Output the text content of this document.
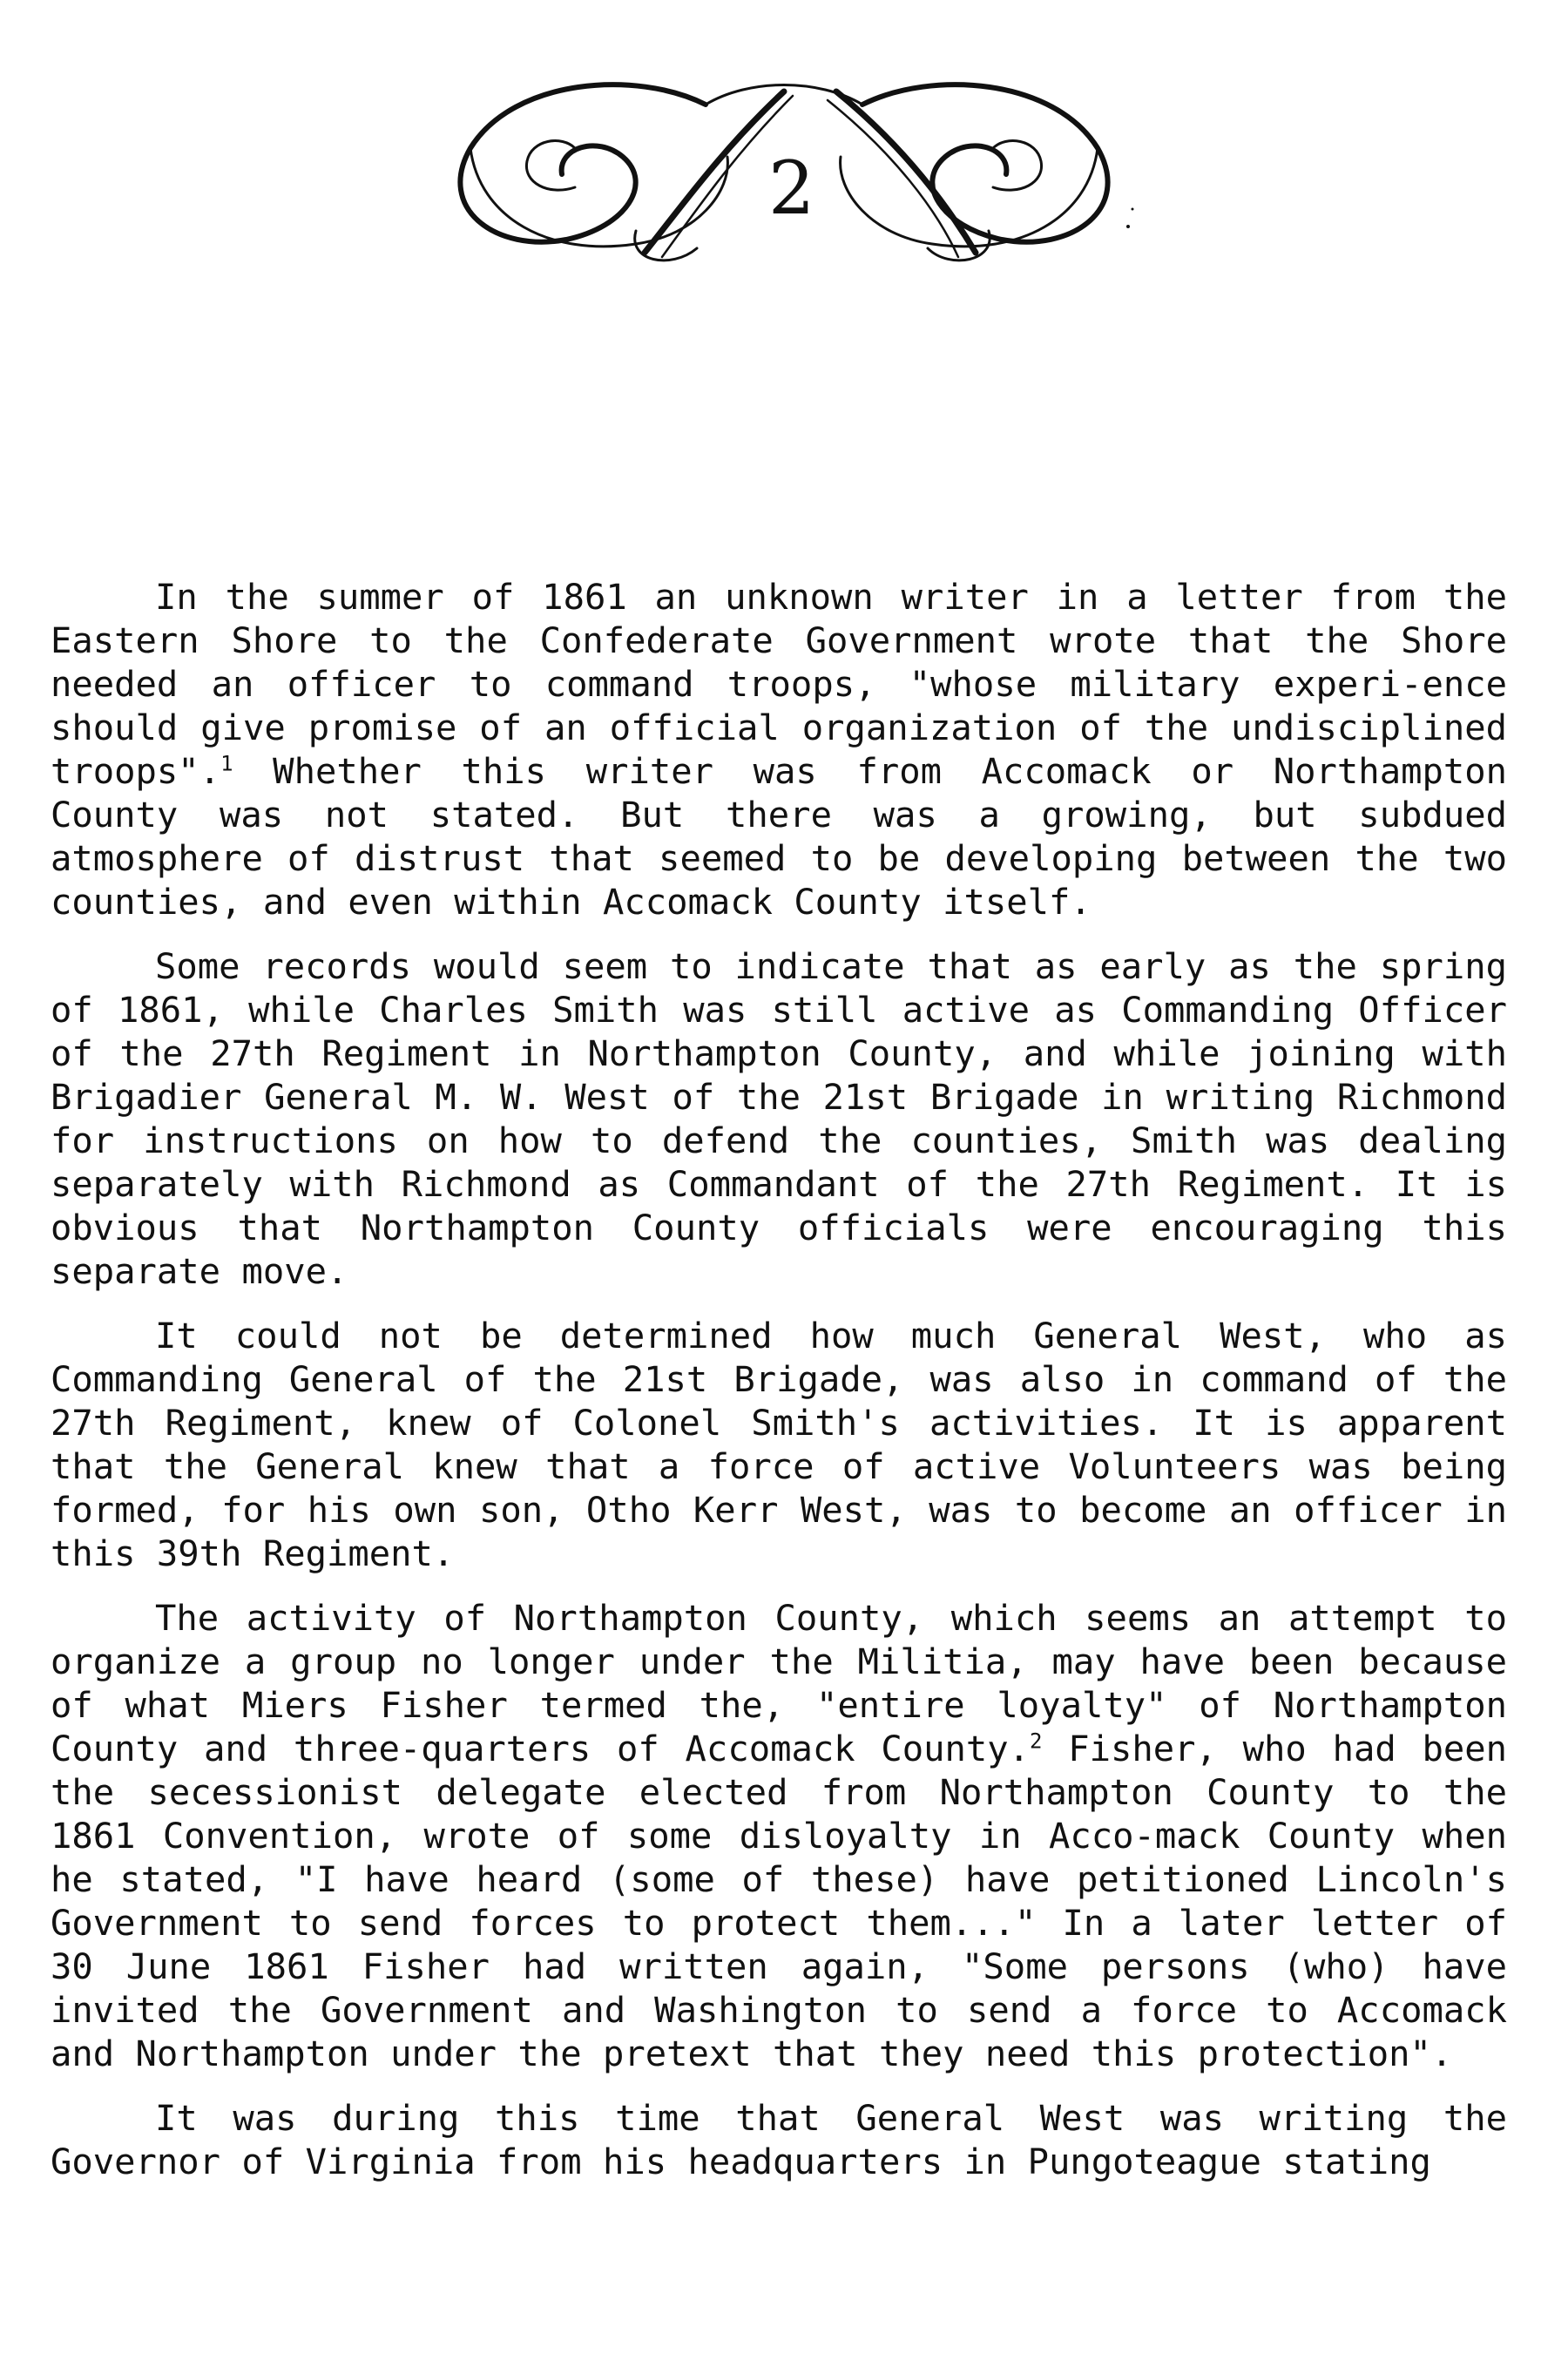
2

In the summer of 1861 an unknown writer in a letter from the Eastern Shore to the Confederate Government wrote that the Shore needed an officer to command troops, "whose military experi-ence should give promise of an official organization of the undisciplined troops".$^1$ Whether this writer was from Accomack or Northampton County was not stated. But there was a growing, but subdued atmosphere of distrust that seemed to be developing between the two counties, and even within Accomack County itself.

Some records would seem to indicate that as early as the spring of 1861, while Charles Smith was still active as Commanding Officer of the 27th Regiment in Northampton County, and while joining with Brigadier General M. W. West of the 21st Brigade in writing Richmond for instructions on how to defend the counties, Smith was dealing separately with Richmond as Commandant of the 27th Regiment. It is obvious that Northampton County officials were encouraging this separate move.

It could not be determined how much General West, who as Commanding General of the 21st Brigade, was also in command of the 27th Regiment, knew of Colonel Smith's activities. It is apparent that the General knew that a force of active Volunteers was being formed, for his own son, Otho Kerr West, was to become an officer in this 39th Regiment.

The activity of Northampton County, which seems an attempt to organize a group no longer under the Militia, may have been because of what Miers Fisher termed the, "entire loyalty" of Northampton County and three-quarters of Accomack County.$^2$ Fisher, who had been the secessionist delegate elected from Northampton County to the 1861 Convention, wrote of some disloyalty in Acco-mack County when he stated, "I have heard (some of these) have petitioned Lincoln's Government to send forces to protect them..." In a later letter of 30 June 1861 Fisher had written again, "Some persons (who) have invited the Government and Washington to send a force to Accomack and Northampton under the pretext that they need this protection".

It was during this time that General West was writing the Governor of Virginia from his headquarters in Pungoteague stating
